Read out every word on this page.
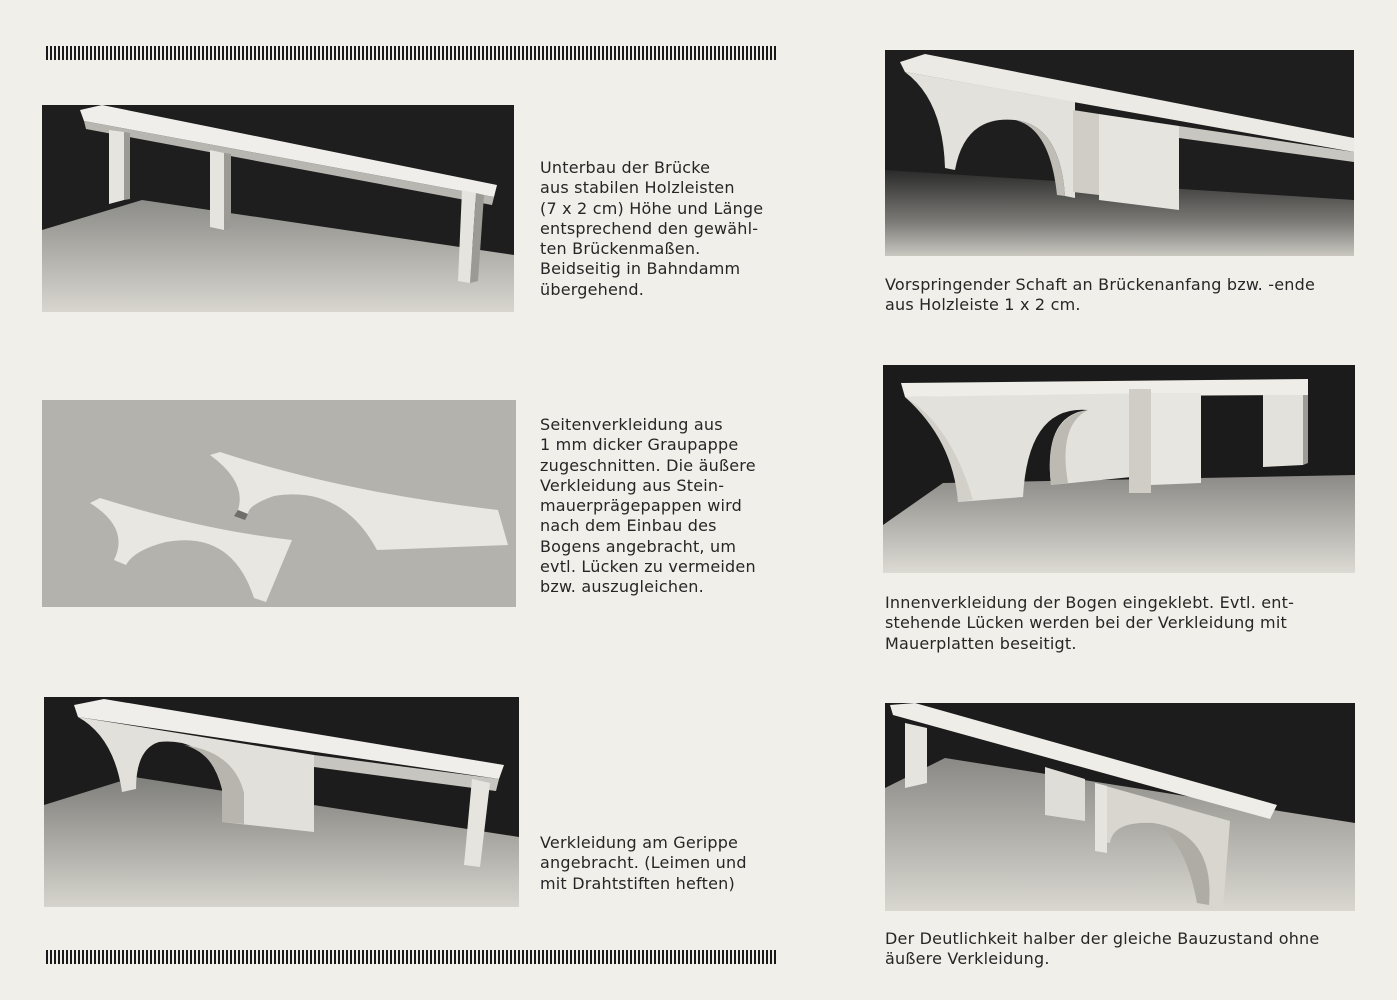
Unterbau der Brücke
aus stabilen Holzleisten
(7 x 2 cm) Höhe und Länge
entsprechend den gewähl-
ten Brückenmaßen.
Beidseitig in Bahndamm
übergehend.

Seitenverkleidung aus
1 mm dicker Graupappe
zugeschnitten. Die äußere
Verkleidung aus Stein-
mauerprägepappen wird
nach dem Einbau des
Bogens angebracht, um
evtl. Lücken zu vermeiden
bzw. auszugleichen.

Verkleidung am Gerippe
angebracht. (Leimen und
mit Drahtstiften heften)

Vorspringender Schaft an Brückenanfang bzw. -ende
aus Holzleiste 1 x 2 cm.

Innenverkleidung der Bogen eingeklebt. Evtl. ent-
stehende Lücken werden bei der Verkleidung mit
Mauerplatten beseitigt.

Der Deutlichkeit halber der gleiche Bauzustand ohne
äußere Verkleidung.
